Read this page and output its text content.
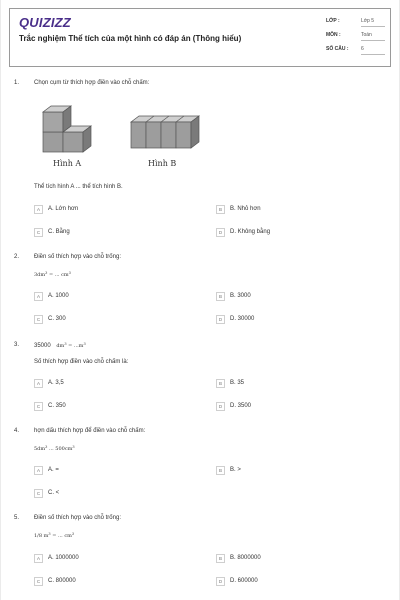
QUIZIZZ
Trắc nghiệm Thể tích của một hình có đáp án (Thông hiểu)
LỚP :	Lớp 5
MÔN :	Toán
SỐ CÂU :	6
1. Chọn cụm từ thích hợp điền vào chỗ chấm:
Hình A	Hình B
Thể tích hình A ... thể tích hình B.
A	A. Lớn hơn	B	B. Nhỏ hơn
C	C. Bằng	D	D. Không bằng
2. Điền số thích hợp vào chỗ trống:
$3dm^3$ = ... $cm^3$
A	A. 1000	B	B. 3000
C	C. 300	D	D. 30000
3. 35000 $dm^3 = ...m^3$
Số thích hợp điền vào chỗ chấm là:
A	A. 3,5	B	B. 35
C	C. 350	D	D. 3500
4. hợn dấu thích hợp để điền vào chỗ chấm:
$5dm^3$ ... $500cm^3$
A	A. =	B	B. >
C	C. <
5. Điền số thích hợp vào chỗ trống:
1/8 $m^3$ = ... $cm^3$
A	A. 1000000	B	B. 8000000
C	C. 800000	D	D. 600000
